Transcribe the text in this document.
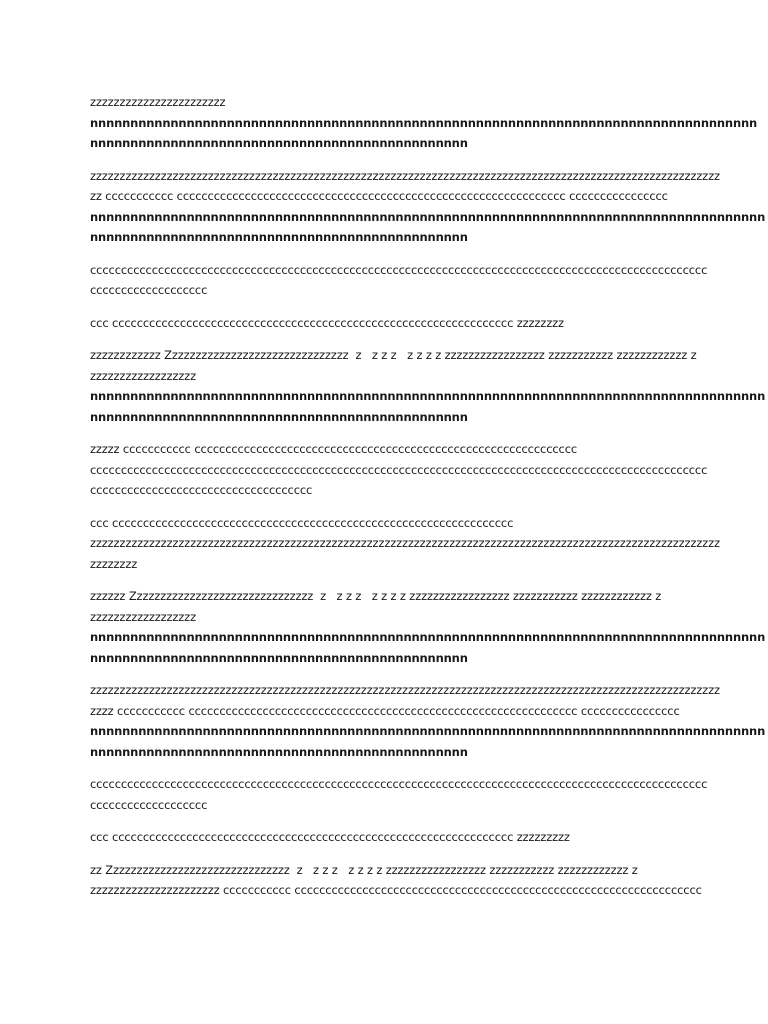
zzzzzzzzzzzzzzzzzzzzzzz
nnnnnnnnnnnnnnnnnnnnnnnnnnnnnnnnnnnnnnnnnnnnnnnnnnnnnnnnnnnnnnnnnnnnnnnnnnnnnnnnnnn
nnnnnnnnnnnnnnnnnnnnnnnnnnnnnnnnnnnnnnnnnnnnnnn
zzzzzzzzzzzzzzzzzzzzzzzzzzzzzzzzzzzzzzzzzzzzzzzzzzzzzzzzzzzzzzzzzzzzzzzzzzzzzzzzzzzzzzzzzzzzzzzzzzzzzzzzzzz
zz ccccccccccc ccccccccccccccccccccccccccccccccccccccccccccccccccccccccccccccc cccccccccccccccc
nnnnnnnnnnnnnnnnnnnnnnnnnnnnnnnnnnnnnnnnnnnnnnnnnnnnnnnnnnnnnnnnnnnnnnnnnnnnnnnnnnnn
nnnnnnnnnnnnnnnnnnnnnnnnnnnnnnnnnnnnnnnnnnnnnnn
cccccccccccccccccccccccccccccccccccccccccccccccccccccccccccccccccccccccccccccccccccccccccccccccccccc
ccccccccccccccccccc
ccc ccccccccccccccccccccccccccccccccccccccccccccccccccccccccccccccccc zzzzzzzz
zzzzzzzzzzzz Zzzzzzzzzzzzzzzzzzzzzzzzzzzzzzz  z   z z z   z z z z zzzzzzzzzzzzzzzzz zzzzzzzzzzz zzzzzzzzzzzz z
zzzzzzzzzzzzzzzzzz
nnnnnnnnnnnnnnnnnnnnnnnnnnnnnnnnnnnnnnnnnnnnnnnnnnnnnnnnnnnnnnnnnnnnnnnnnnnnnnnnnnnn
nnnnnnnnnnnnnnnnnnnnnnnnnnnnnnnnnnnnnnnnnnnnnnn
zzzzz ccccccccccc cccccccccccccccccccccccccccccccccccccccccccccccccccccccccccccc
cccccccccccccccccccccccccccccccccccccccccccccccccccccccccccccccccccccccccccccccccccccccccccccccccccc
cccccccccccccccccccccccccccccccccccc
ccc ccccccccccccccccccccccccccccccccccccccccccccccccccccccccccccccccc
zzzzzzzzzzzzzzzzzzzzzzzzzzzzzzzzzzzzzzzzzzzzzzzzzzzzzzzzzzzzzzzzzzzzzzzzzzzzzzzzzzzzzzzzzzzzzzzzzzzzzzzzzzz
zzzzzzzz
zzzzzz Zzzzzzzzzzzzzzzzzzzzzzzzzzzzzzz  z   z z z   z z z z zzzzzzzzzzzzzzzzz zzzzzzzzzzz zzzzzzzzzzzz z
zzzzzzzzzzzzzzzzzz
nnnnnnnnnnnnnnnnnnnnnnnnnnnnnnnnnnnnnnnnnnnnnnnnnnnnnnnnnnnnnnnnnnnnnnnnnnnnnnnnnnnn
nnnnnnnnnnnnnnnnnnnnnnnnnnnnnnnnnnnnnnnnnnnnnnn
zzzzzzzzzzzzzzzzzzzzzzzzzzzzzzzzzzzzzzzzzzzzzzzzzzzzzzzzzzzzzzzzzzzzzzzzzzzzzzzzzzzzzzzzzzzzzzzzzzzzzzzzzzz
zzzz ccccccccccc ccccccccccccccccccccccccccccccccccccccccccccccccccccccccccccccc cccccccccccccccc
nnnnnnnnnnnnnnnnnnnnnnnnnnnnnnnnnnnnnnnnnnnnnnnnnnnnnnnnnnnnnnnnnnnnnnnnnnnnnnnnnnnn
nnnnnnnnnnnnnnnnnnnnnnnnnnnnnnnnnnnnnnnnnnnnnnn
cccccccccccccccccccccccccccccccccccccccccccccccccccccccccccccccccccccccccccccccccccccccccccccccccccc
ccccccccccccccccccc
ccc ccccccccccccccccccccccccccccccccccccccccccccccccccccccccccccccccc zzzzzzzzz
zz Zzzzzzzzzzzzzzzzzzzzzzzzzzzzzzz  z   z z z   z z z z zzzzzzzzzzzzzzzzz zzzzzzzzzzz zzzzzzzzzzzz z
zzzzzzzzzzzzzzzzzzzzzz ccccccccccc cccccccccccccccccccccccccccccccccccccccccccccccccccccccccccccccccc
